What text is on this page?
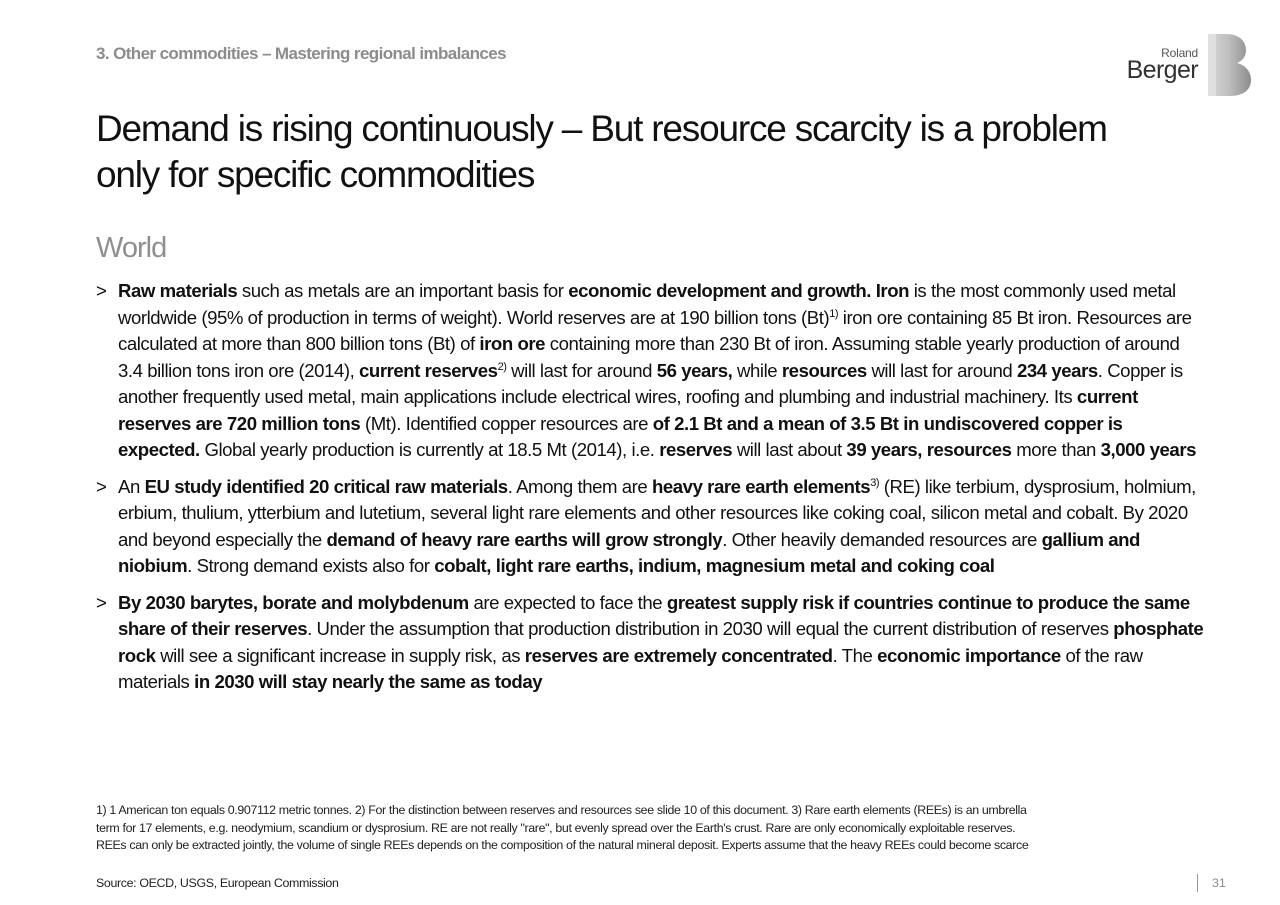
3. Other commodities – Mastering regional imbalances	Roland
Berger
Demand is rising continuously – But resource scarcity is a problem
only for specific commodities
World
> Raw materials such as metals are an important basis for economic development and growth. Iron is the most commonly used metal worldwide (95% of production in terms of weight). World reserves are at 190 billion tons $(Bt)^{1)}$ iron ore containing 85 Bt iron. Resources are calculated at more than 800 billion tons (Bt) of iron ore containing more than 230 Bt of iron. Assuming stable yearly production of around 3.4 billion tons iron ore (2014), current reserves$^{2)}$ will last for around 56 years, while resources will last for around 234 years. Copper is another frequently used metal, main applications include electrical wires, roofing and plumbing and industrial machinery. Its current reserves are 720 million tons (Mt). Identified copper resources are of 2.1 Bt and a mean of 3.5 Bt in undiscovered copper is expected. Global yearly production is currently at 18.5 Mt (2014), i.e. reserves will last about 39 years, resources more than 3,000 years
> An EU study identified 20 critical raw materials. Among them are heavy rare earth elements$^{3)}$ (RE) like terbium, dysprosium, holmium, erbium, thulium, ytterbium and lutetium, several light rare elements and other resources like coking coal, silicon metal and cobalt. By 2020 and beyond especially the demand of heavy rare earths will grow strongly. Other heavily demanded resources are gallium and niobium. Strong demand exists also for cobalt, light rare earths, indium, magnesium metal and coking coal
> By 2030 barytes, borate and molybdenum are expected to face the greatest supply risk if countries continue to produce the same share of their reserves. Under the assumption that production distribution in 2030 will equal the current distribution of reserves phosphate rock will see a significant increase in supply risk, as reserves are extremely concentrated. The economic importance of the raw materials in 2030 will stay nearly the same as today
1) 1 American ton equals 0.907112 metric tonnes. 2) For the distinction between reserves and resources see slide 10 of this document. 3) Rare earth elements (REEs) is an umbrella
term for 17 elements, e.g. neodymium, scandium or dysprosium. RE are not really "rare", but evenly spread over the Earth's crust. Rare are only economically exploitable reserves.
REEs can only be extracted jointly, the volume of single REEs depends on the composition of the natural mineral deposit. Experts assume that the heavy REEs could become scarce
Source: OECD, USGS, European Commission	31
